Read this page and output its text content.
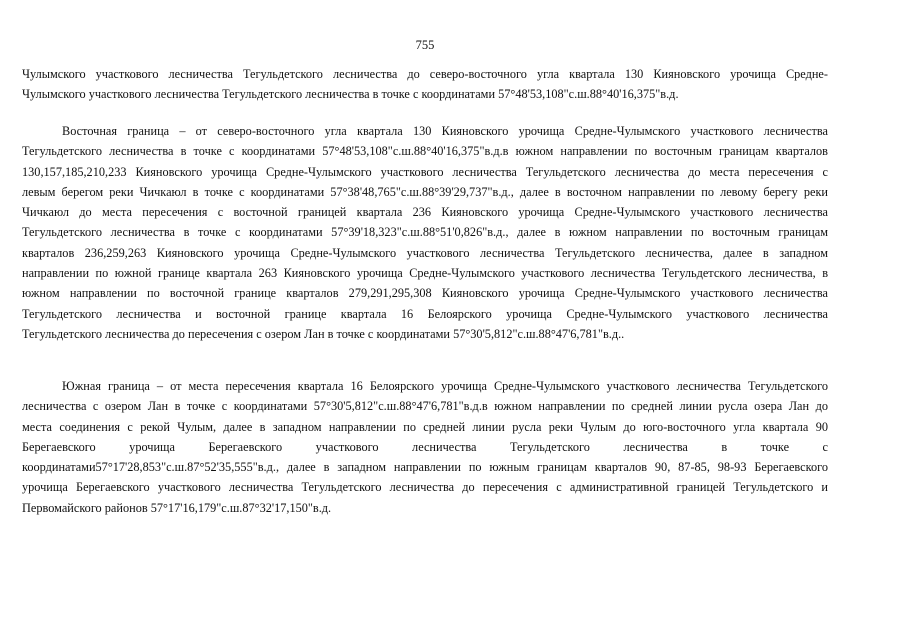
755
Чулымского участкового лесничества Тегульдетского лесничества до северо-восточного угла квартала 130 Кияновского урочища Средне-
Чулымского участкового лесничества Тегульдетского лесничества в точке с координатами 57°48'53,108"с.ш.88°40'16,375"в.д.
Восточная граница – от северо-восточного угла квартала 130 Кияновского урочища Средне-Чулымского участкового лесничества
Тегульдетского лесничества в точке с координатами 57°48'53,108"с.ш.88°40'16,375"в.д.в южном направлении по восточным границам кварталов
130,157,185,210,233 Кияновского урочища Средне-Чулымского участкового лесничества Тегульдетского лесничества до места пересечения с
левым берегом реки Чичкаюл в точке с координатами 57°38'48,765"с.ш.88°39'29,737"в.д., далее в восточном направлении по левому берегу реки
Чичкаюл до места пересечения с восточной границей квартала 236 Кияновского урочища Средне-Чулымского участкового лесничества
Тегульдетского лесничества в точке с координатами 57°39'18,323"с.ш.88°51'0,826"в.д., далее в южном направлении по восточным границам
кварталов 236,259,263 Кияновского урочища Средне-Чулымского участкового лесничества Тегульдетского лесничества, далее в западном
направлении по южной границе квартала 263 Кияновского урочища Средне-Чулымского участкового лесничества Тегульдетского лесничества, в
южном направлении по восточной границе кварталов 279,291,295,308 Кияновского урочища Средне-Чулымского участкового лесничества
Тегульдетского лесничества и восточной границе квартала 16 Белоярского урочища Средне-Чулымского участкового лесничества
Тегульдетского лесничества до пересечения с озером Лан в точке с координатами 57°30'5,812"с.ш.88°47'6,781"в.д..
Южная граница – от места пересечения квартала 16 Белоярского урочища Средне-Чулымского участкового лесничества Тегульдетского
лесничества с озером Лан в точке с координатами 57°30'5,812"с.ш.88°47'6,781"в.д.в южном направлении по средней линии русла озера Лан до
места соединения с рекой Чулым, далее в западном направлении по средней линии русла реки Чулым до юго-восточного угла квартала 90
Берегаевского урочища Берегаевского участкового лесничества Тегульдетского лесничества в точке с
координатами57°17'28,853"с.ш.87°52'35,555"в.д., далее в западном направлении по южным границам кварталов 90, 87-85, 98-93 Берегаевского
урочища Берегаевского участкового лесничества Тегульдетского лесничества до пересечения с административной границей Тегульдетского и
Первомайского районов 57°17'16,179"с.ш.87°32'17,150"в.д.
